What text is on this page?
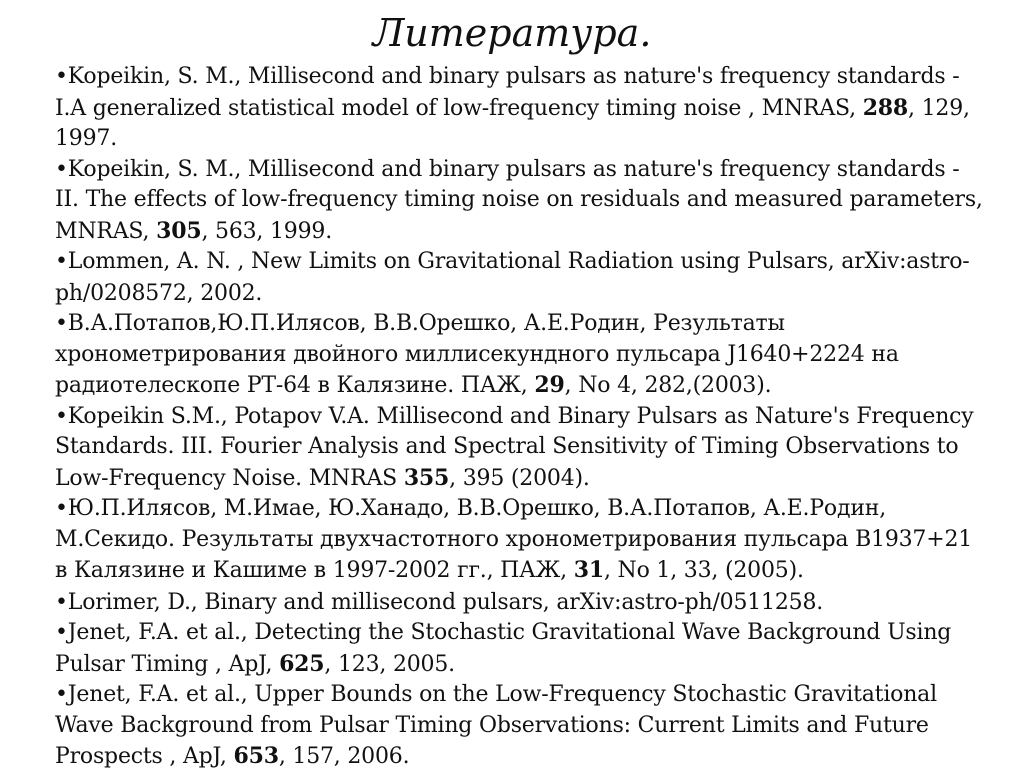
Литература.
•Kopeikin, S. M., Millisecond and binary pulsars as nature's frequency standards - I.A generalized statistical model of low-frequency timing noise , MNRAS, 288, 129, 1997.
•Kopeikin, S. M., Millisecond and binary pulsars as nature's frequency standards - II. The effects of low-frequency timing noise on residuals and measured parameters, MNRAS, 305, 563, 1999.
•Lommen, A. N. , New Limits on Gravitational Radiation using Pulsars, arXiv:astro-ph/0208572, 2002.
•В.А.Потапов,Ю.П.Илясов, В.В.Орешко, А.Е.Родин, Результаты хронометрирования двойного миллисекундного пульсара J1640+2224 на радиотелескопе РТ-64 в Калязине. ПАЖ, 29, No 4, 282,(2003).
•Kopeikin S.M., Potapov V.A. Millisecond and Binary Pulsars as Nature's Frequency Standards. III. Fourier Analysis and Spectral Sensitivity of Timing Observations to Low-Frequency Noise. MNRAS 355, 395 (2004).
•Ю.П.Илясов, М.Имае, Ю.Ханадо, В.В.Орешко, В.А.Потапов, А.Е.Родин, М.Секидо. Результаты двухчастотного хронометрирования пульсара В1937+21 в Калязине и Кашиме в 1997-2002 гг., ПАЖ, 31, No 1, 33, (2005).
•Lorimer, D., Binary and millisecond pulsars, arXiv:astro-ph/0511258.
•Jenet, F.A. et al., Detecting the Stochastic Gravitational Wave Background Using Pulsar Timing , ApJ, 625, 123, 2005.
•Jenet, F.A. et al., Upper Bounds on the Low-Frequency Stochastic Gravitational Wave Background from Pulsar Timing Observations: Current Limits and Future Prospects , ApJ, 653, 157, 2006.
